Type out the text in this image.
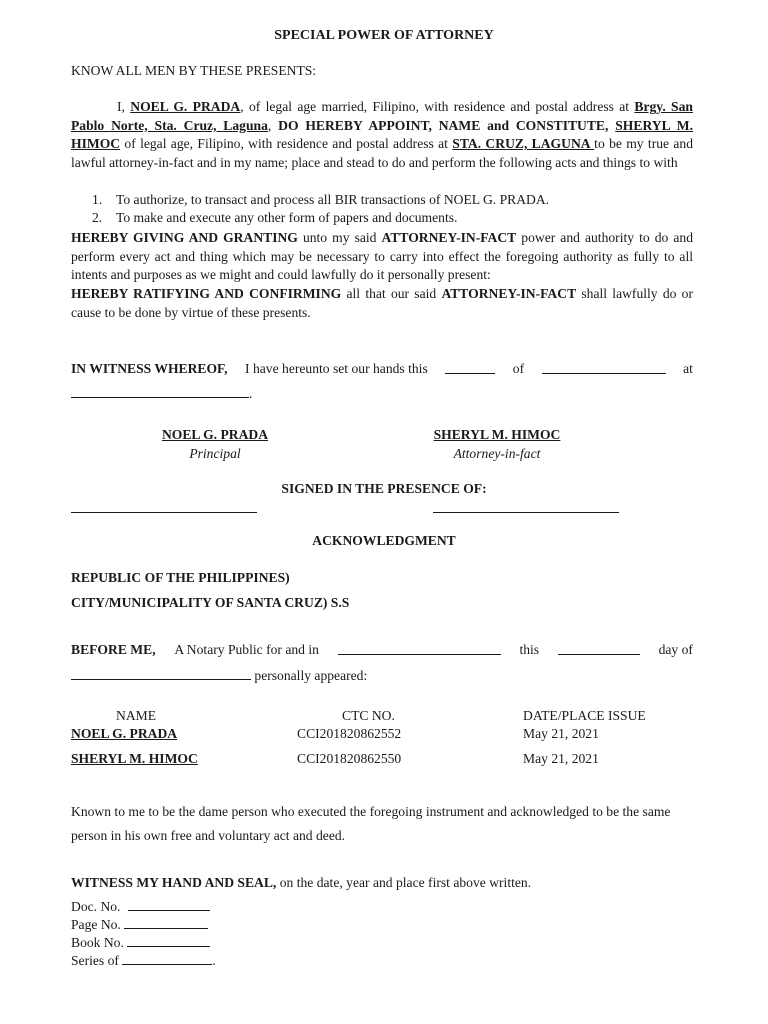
SPECIAL POWER OF ATTORNEY
KNOW ALL MEN BY THESE PRESENTS:
I, NOEL G. PRADA, of legal age married, Filipino, with residence and postal address at Brgy. San Pablo Norte, Sta. Cruz, Laguna, DO HEREBY APPOINT, NAME and CONSTITUTE, SHERYL M. HIMOC of legal age, Filipino, with residence and postal address at STA. CRUZ, LAGUNA to be my true and lawful attorney-in-fact and in my name; place and stead to do and perform the following acts and things to with
1. To authorize, to transact and process all BIR transactions of NOEL G. PRADA.
2. To make and execute any other form of papers and documents.
HEREBY GIVING AND GRANTING unto my said ATTORNEY-IN-FACT power and authority to do and perform every act and thing which may be necessary to carry into effect the foregoing authority as fully to all intents and purposes as we might and could lawfully do it personally present:
HEREBY RATIFYING AND CONFIRMING all that our said ATTORNEY-IN-FACT shall lawfully do or cause to be done by virtue of these presents.
IN WITNESS WHEREOF, I have hereunto set our hands this	of	at
.
NOEL G. PRADA
Principal
SHERYL M. HIMOC
Attorney-in-fact
SIGNED IN THE PRESENCE OF:
ACKNOWLEDGMENT
REPUBLIC OF THE PHILIPPINES)
CITY/MUNICIPALITY OF SANTA CRUZ) S.S
BEFORE ME, A Notary Public for and in	this	day of
personally appeared:
NAME	CTC NO.	DATE/PLACE ISSUE
NOEL G. PRADA	CCI201820862552	May 21, 2021
SHERYL M. HIMOC	CCI201820862550	May 21, 2021
Known to me to be the dame person who executed the foregoing instrument and acknowledged to be the same person in his own free and voluntary act and deed.
WITNESS MY HAND AND SEAL, on the date, year and place first above written.
Doc. No.
Page No.
Book No.
Series of	.
